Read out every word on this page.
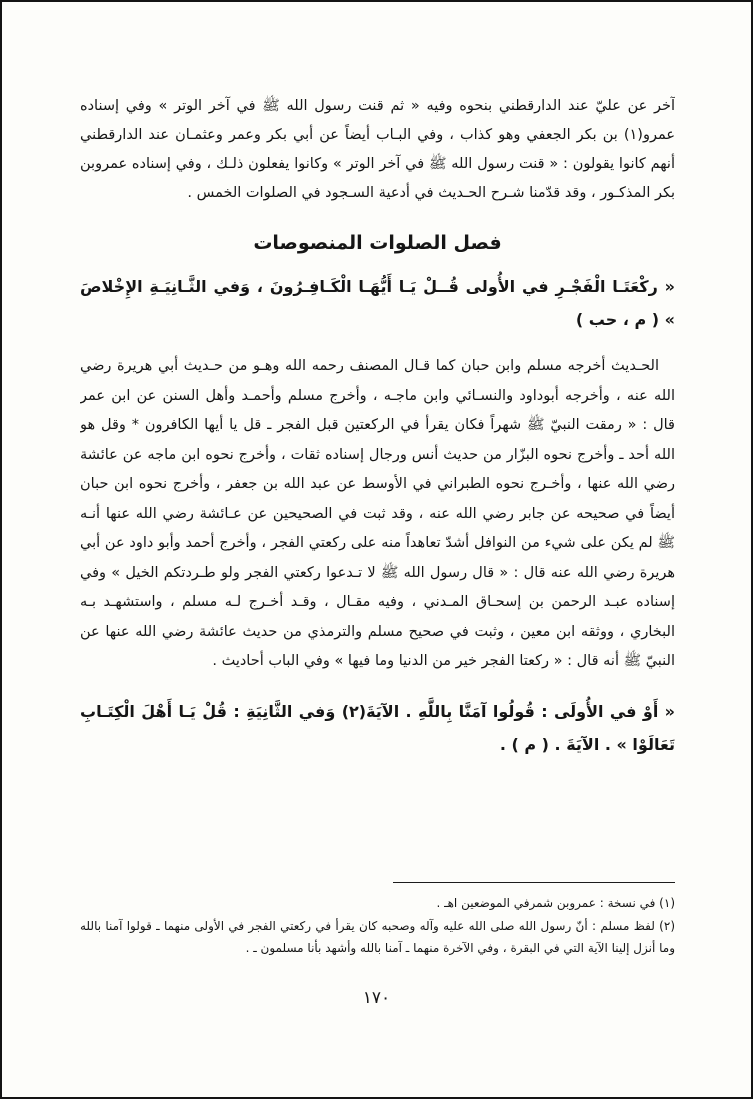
آخر عن عليّ عند الدارقطني بنحوه وفيه « ثم قنت رسول الله ﷺ في آخر الوتر » وفي إسناده عمرو(١) بن بكر الجعفي وهو كذاب ، وفي البـاب أيضاً عن أبي بكر وعمر وعثمـان عند الدارقطني أنهم كانوا يقولون : « قنت رسول الله ﷺ في آخر الوتر » وكانوا يفعلون ذلـك ، وفي إسناده عمروبن بكر المذكـور ، وقد قدّمنا شـرح الحـديث في أدعية السـجود في الصلوات الخمس .

فصل الصلوات المنصوصات

« ركْعَتَـا الْفَجْـرِ في الأُولى قُــلْ يَـا أَيُّهَـا الْكَـافِـرُونَ ، وَفي الثَّـانِيَـةِ الإِخْلاصَ » ( م ، حب )

الحـديث أخرجه مسلم وابن حبان كما قـال المصنف رحمه الله وهـو من حـديث أبي هريرة رضي الله عنه ، وأخرجه أبوداود والنسـائي وابن ماجـه ، وأخرج مسلم وأحمـد وأهل السنن عن ابن عمر قال : « رمقت النبيّ ﷺ شهراً فكان يقرأ في الركعتين قبل الفجر ـ قل يا أيها الكافرون * وقل هو الله أحد ـ وأخرج نحوه البزّار من حديث أنس ورجال إسناده ثقات ، وأخرج نحوه ابن ماجه عن عائشة رضي الله عنها ، وأخـرج نحوه الطبراني في الأوسط عن عبد الله بن جعفر ، وأخرج نحوه ابن حبان أيضاً في صحيحه عن جابر رضي الله عنه ، وقد ثبت في الصحيحين عن عـائشة رضي الله عنها أنـه ﷺ لم يكن على شيء من النوافل أشدّ تعاهداً منه على ركعتي الفجر ، وأخرج أحمد وأبو داود عن أبي هريرة رضي الله عنه قال : « قال رسول الله ﷺ لا تـدعوا ركعتي الفجر ولو طـردتكم الخيل » وفي إسناده عبـد الرحمن بن إسحـاق المـدني ، وفيه مقـال ، وقـد أخـرج لـه مسلم ، واستشهـد بـه البخاري ، ووثقه ابن معين ، وثبت في صحيح مسلم والترمذي من حديث عائشة رضي الله عنها عن النبيّ ﷺ أنه قال : « ركعتا الفجر خير من الدنيا وما فيها » وفي الباب أحاديث .

« أَوْ في الأُولَى : قُولُوا آمَنَّا بِاللَّهِ . الآيَةَ(٢) وَفي الثَّانِيَةِ : قُلْ يَـا أَهْلَ الْكِتَـابِ تَعَالَوْا » . الآيَةَ . ( م ) .

(١) في نسخة : عمروبن شمرفي الموضعين اهـ .

(٢) لفظ مسلم : أنّ رسول الله صلى الله عليه وآله وصحبه كان يقرأ في ركعتي الفجر في الأولى منهما ـ قولوا آمنا بالله وما أنزل إلينا الآية التي في البقرة ، وفي الآخرة منهما ـ آمنا بالله وأشهد بأنا مسلمون ـ .

١٧٠
